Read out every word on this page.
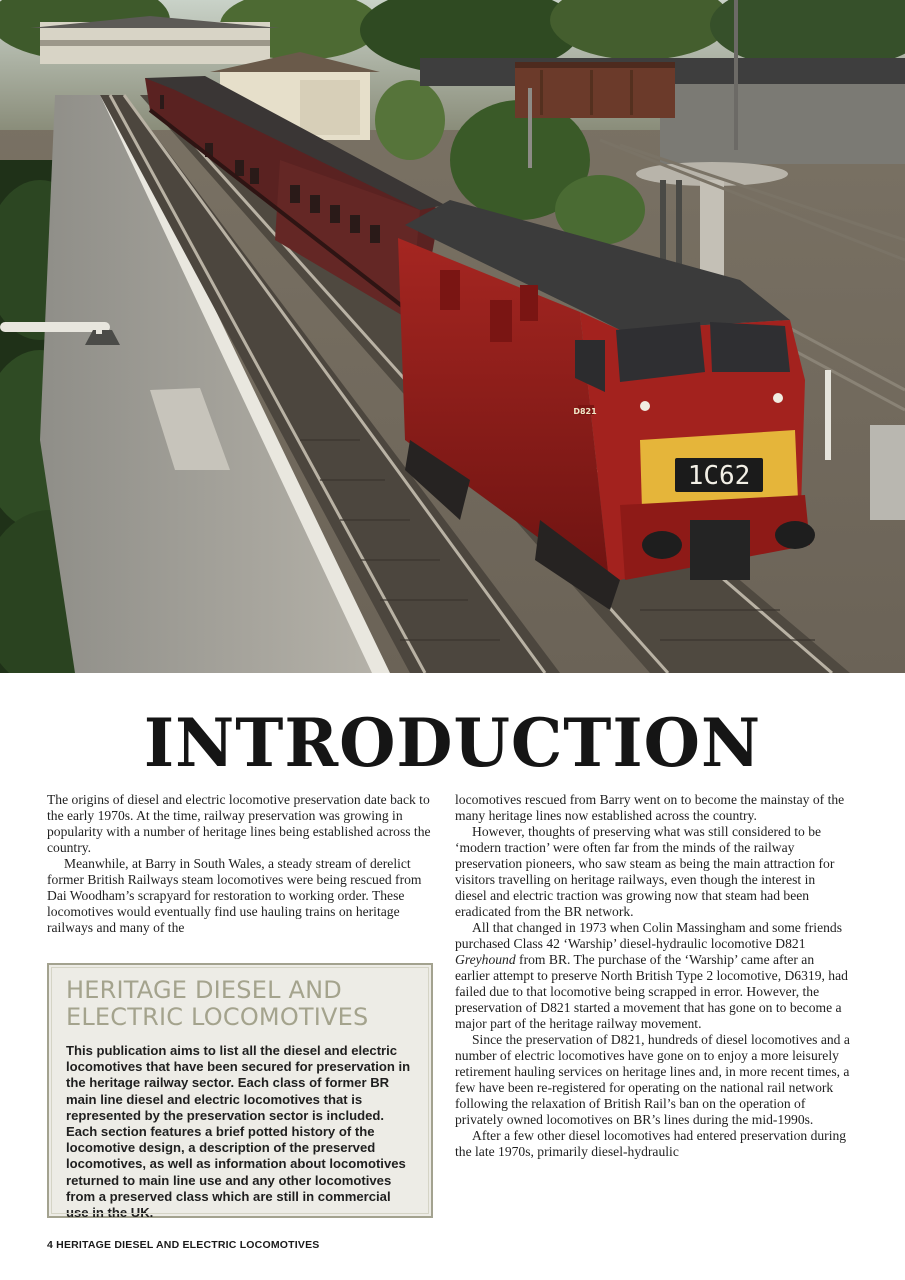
1C62
D821
INTRODUCTION

The origins of diesel and electric locomotive preservation date back to the early 1970s. At the time, railway preservation was growing in popularity with a number of heritage lines being established across the country.

Meanwhile, at Barry in South Wales, a steady stream of derelict former British Railways steam locomotives were being rescued from Dai Woodham’s scrapyard for restoration to working order. These locomotives would eventually find use hauling trains on heritage railways and many of the

HERITAGE DIESEL AND
ELECTRIC LOCOMOTIVES

This publication aims to list all the diesel and electric locomotives that have been secured for preservation in the heritage railway sector. Each class of former BR main line diesel and electric locomotives that is represented by the preservation sector is included. Each section features a brief potted history of the locomotive design, a description of the preserved locomotives, as well as information about locomotives returned to main line use and any other locomotives from a preserved class which are still in commercial use in the UK.

locomotives rescued from Barry went on to become the mainstay of the many heritage lines now established across the country.

However, thoughts of preserving what was still considered to be ‘modern traction’ were often far from the minds of the railway preservation pioneers, who saw steam as being the main attraction for visitors travelling on heritage railways, even though the interest in diesel and electric traction was growing now that steam had been eradicated from the BR network.

All that changed in 1973 when Colin Massingham and some friends purchased Class 42 ‘Warship’ diesel-hydraulic locomotive D821 Greyhound from BR. The purchase of the ‘Warship’ came after an earlier attempt to preserve North British Type 2 locomotive, D6319, had failed due to that locomotive being scrapped in error. However, the preservation of D821 started a movement that has gone on to become a major part of the heritage railway movement.

Since the preservation of D821, hundreds of diesel locomotives and a number of electric locomotives have gone on to enjoy a more leisurely retirement hauling services on heritage lines and, in more recent times, a few have been re-registered for operating on the national rail network following the relaxation of British Rail’s ban on the operation of privately owned locomotives on BR’s lines during the mid-1990s.

After a few other diesel locomotives had entered preservation during the late 1970s, primarily diesel-hydraulic

4 HERITAGE DIESEL AND ELECTRIC LOCOMOTIVES
